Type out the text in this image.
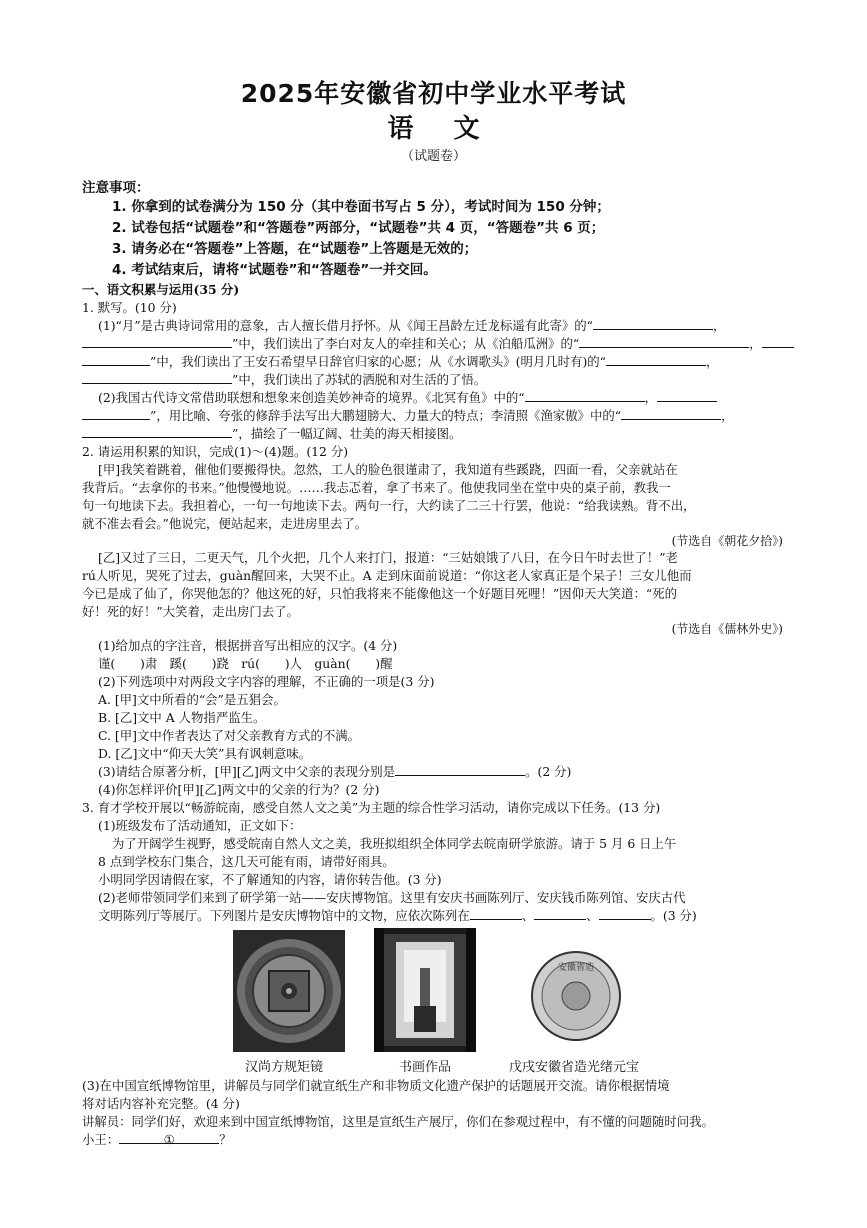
2025年安徽省初中学业水平考试
语文
（试题卷）
注意事项：
1. 你拿到的试卷满分为 150 分（其中卷面书写占 5 分），考试时间为 150 分钟；
2. 试卷包括“试题卷”和“答题卷”两部分，“试题卷”共 4 页，“答题卷”共 6 页；
3. 请务必在“答题卷”上答题，在“试题卷”上答题是无效的；
4. 考试结束后，请将“试题卷”和“答题卷”一并交回。
一、语文积累与运用(35 分)
1. 默写。(10 分)
(1)“月”是古典诗词常用的意象，古人擅长借月抒怀。从《闻王昌龄左迁龙标遥有此寄》的“	，
”中，我们读出了李白对友人的牵挂和关心；从《泊船瓜洲》的“	，
”中，我们读出了王安石希望早日辞官归家的心愿；从《水调歌头》(明月几时有)的“	，
”中，我们读出了苏轼的洒脱和对生活的了悟。
(2)我国古代诗文常借助联想和想象来创造美妙神奇的境界。《北冥有鱼》中的“	，
”，用比喻、夸张的修辞手法写出大鹏翅膀大、力量大的特点；李清照《渔家傲》中的“	，
”，描绘了一幅辽阔、壮美的海天相接图。
2. 请运用积累的知识，完成(1)～(4)题。(12 分)
[甲]我笑着跳着，催他们要搬得快。忽然，工人的脸色很谨肃了，我知道有些蹊跷，四面一看，父亲就站在
我背后。“去拿你的书来。”他慢慢地说。……我忐忑着，拿了书来了。他使我同坐在堂中央的桌子前，教我一
句一句地读下去。我担着心，一句一句地读下去。两句一行，大约读了二三十行罢，他说：“给我读熟。背不出，
就不准去看会。”他说完，便站起来，走进房里去了。
(节选自《朝花夕拾》)
[乙]又过了三日，二更天气，几个火把，几个人来打门，报道：“三姑娘饿了八日，在今日午时去世了！”老
rú人听见，哭死了过去，guàn醒回来，大哭不止。A 走到床面前说道：“你这老人家真正是个呆子！三女儿他而
今已是成了仙了，你哭他怎的？他这死的好，只怕我将来不能像他这一个好题目死哩！”因仰天大笑道：“死的
好！死的好！”大笑着，走出房门去了。
(节选自《儒林外史》)
(1)给加点的字注音，根据拼音写出相应的汉字。(4 分)
谨(　　)肃　蹊(　　)跷　rú(　　)人　guàn(　　)醒
(2)下列选项中对两段文字内容的理解，不正确的一项是(3 分)
A. [甲]文中所看的“会”是五猖会。
B. [乙]文中 A 人物指严监生。
C. [甲]文中作者表达了对父亲教育方式的不满。
D. [乙]文中“仰天大笑”具有讽刺意味。
(3)请结合原著分析，[甲][乙]两文中父亲的表现分别是	。(2 分)
(4)你怎样评价[甲][乙]两文中的父亲的行为？(2 分)
3. 育才学校开展以“畅游皖南，感受自然人文之美”为主题的综合性学习活动，请你完成以下任务。(13 分)
(1)班级发布了活动通知，正文如下：
为了开阔学生视野，感受皖南自然人文之美，我班拟组织全体同学去皖南研学旅游。请于 5 月 6 日上午
8 点到学校东门集合，这几天可能有雨，请带好雨具。
小明同学因请假在家，不了解通知的内容，请你转告他。(3 分)
(2)老师带领同学们来到了研学第一站——安庆博物馆。这里有安庆书画陈列厅、安庆钱币陈列馆、安庆古代
文明陈列厅等展厅。下列图片是安庆博物馆中的文物，应依次陈列在	、	、	。(3 分)
汉尚方规矩镜	书画作品
安徽省造
戊戌安徽省造光绪元宝
(3)在中国宣纸博物馆里，讲解员与同学们就宣纸生产和非物质文化遗产保护的话题展开交流。请你根据情境
将对话内容补充完整。(4 分)
讲解员：同学们好，欢迎来到中国宣纸博物馆，这里是宣纸生产展厅，你们在参观过程中，有不懂的问题随时问我。
小王：	①	？
